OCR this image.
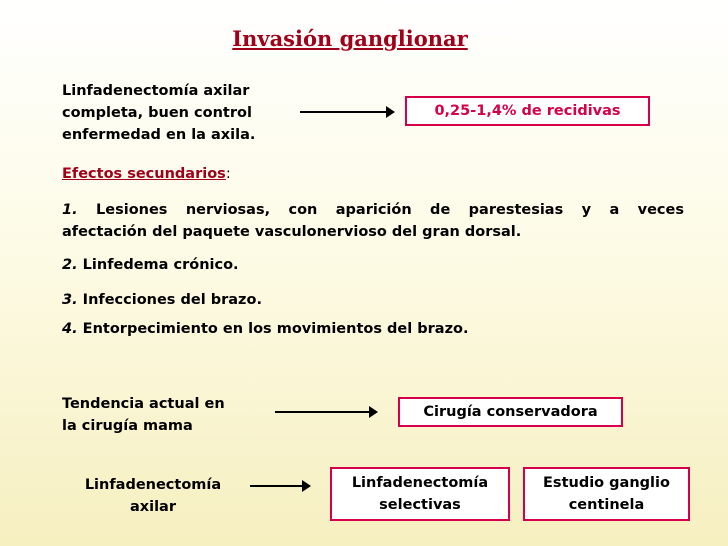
Invasión ganglionar
Linfadenectomía axilar
completa, buen control
enfermedad en la axila.
0,25-1,4% de recidivas
Efectos secundarios:
1. Lesiones nerviosas, con aparición de parestesias y a veces
afectación del paquete vasculonervioso del gran dorsal.
2. Linfedema crónico.
3. Infecciones del brazo.
4. Entorpecimiento en los movimientos del brazo.
Tendencia actual en
la cirugía mama
Cirugía conservadora
Linfadenectomía
axilar
Linfadenectomía
selectivas
Estudio ganglio
centinela
